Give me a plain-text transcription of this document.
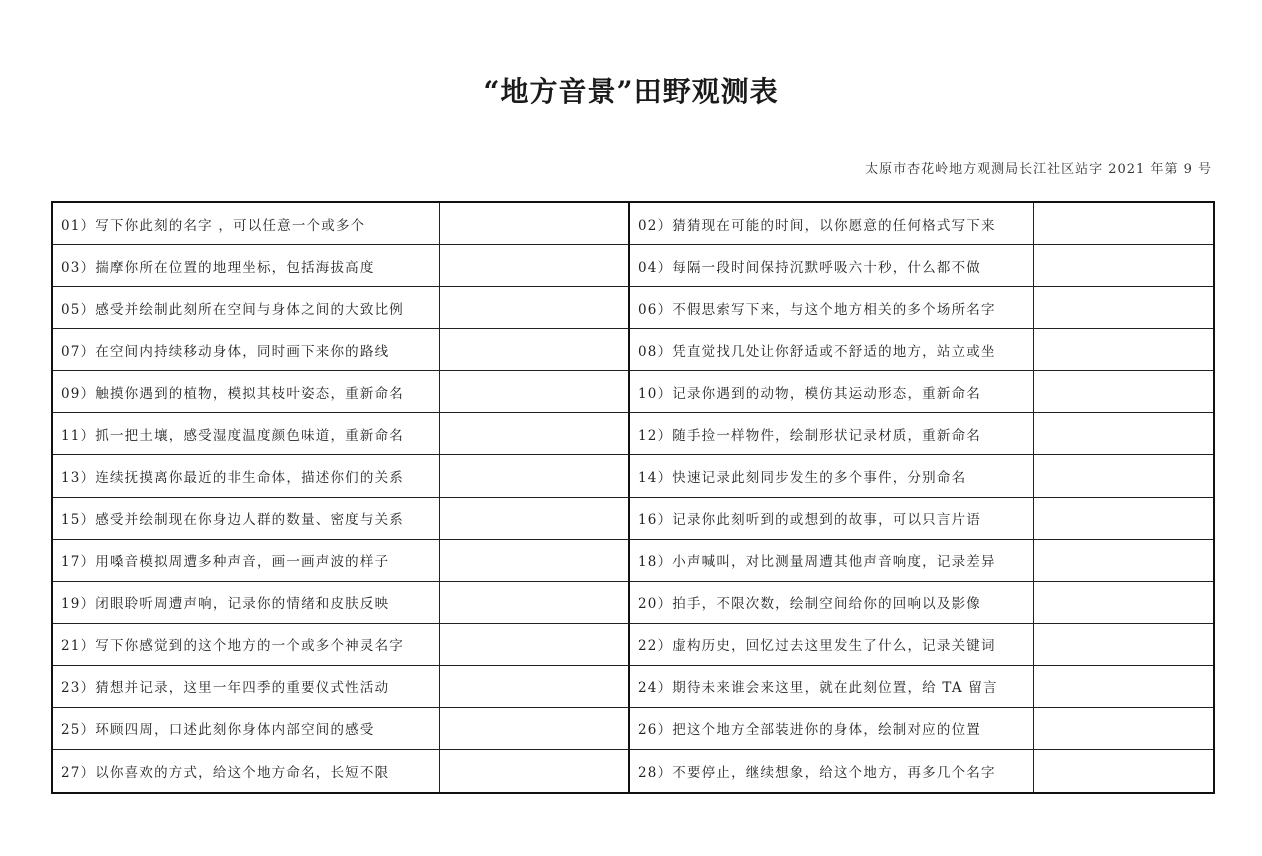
“地方音景”田野观测表
太原市杏花岭地方观测局长江社区站字 2021 年第 9 号
01）写下你此刻的名字 ，可以任意一个或多个	02）猜猜现在可能的时间，以你愿意的任何格式写下来
03）揣摩你所在位置的地理坐标，包括海拔高度	04）每隔一段时间保持沉默呼吸六十秒，什么都不做
05）感受并绘制此刻所在空间与身体之间的大致比例	06）不假思索写下来，与这个地方相关的多个场所名字
07）在空间内持续移动身体，同时画下来你的路线	08）凭直觉找几处让你舒适或不舒适的地方，站立或坐
09）触摸你遇到的植物，模拟其枝叶姿态，重新命名	10）记录你遇到的动物，模仿其运动形态，重新命名
11）抓一把土壤，感受湿度温度颜色味道，重新命名	12）随手捡一样物件，绘制形状记录材质，重新命名
13）连续抚摸离你最近的非生命体，描述你们的关系	14）快速记录此刻同步发生的多个事件，分别命名
15）感受并绘制现在你身边人群的数量、密度与关系	16）记录你此刻听到的或想到的故事，可以只言片语
17）用嗓音模拟周遭多种声音，画一画声波的样子	18）小声喊叫，对比测量周遭其他声音响度，记录差异
19）闭眼聆听周遭声响，记录你的情绪和皮肤反映	20）拍手，不限次数，绘制空间给你的回响以及影像
21）写下你感觉到的这个地方的一个或多个神灵名字	22）虚构历史，回忆过去这里发生了什么，记录关键词
23）猜想并记录，这里一年四季的重要仪式性活动	24）期待未来谁会来这里，就在此刻位置，给 TA 留言
25）环顾四周，口述此刻你身体内部空间的感受	26）把这个地方全部装进你的身体，绘制对应的位置
27）以你喜欢的方式，给这个地方命名，长短不限	28）不要停止，继续想象，给这个地方，再多几个名字
